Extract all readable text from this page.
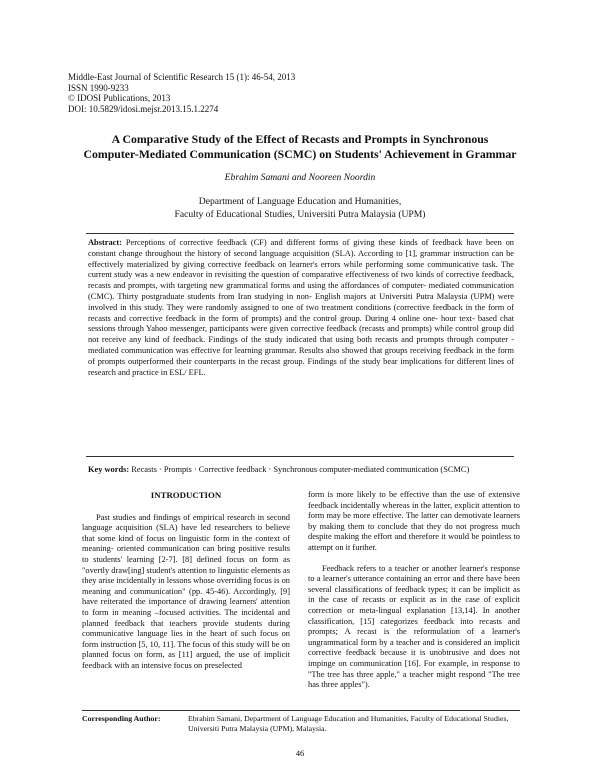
Middle-East Journal of Scientific Research 15 (1): 46-54, 2013
ISSN 1990-9233
© IDOSI Publications, 2013
DOI: 10.5829/idosi.mejsr.2013.15.1.2274
A Comparative Study of the Effect of Recasts and Prompts in Synchronous
Computer-Mediated Communication (SCMC) on Students' Achievement in Grammar
Ebrahim Samani and Nooreen Noordin
Department of Language Education and Humanities,
Faculty of Educational Studies, Universiti Putra Malaysia (UPM)
Abstract: Perceptions of corrective feedback (CF) and different forms of giving these kinds of feedback have been on constant change throughout the history of second language acquisition (SLA). According to [1], grammar instruction can be effectively materialized by giving corrective feedback on learner's errors while performing some communicative task. The current study was a new endeavor in revisiting the question of comparative effectiveness of two kinds of corrective feedback, recasts and prompts, with targeting new grammatical forms and using the affordances of computer- mediated communication (CMC). Thirty postgraduate students from Iran studying in non- English majors at Universiti Putra Malaysia (UPM) were involved in this study. They were randomly assigned to one of two treatment conditions (corrective feedback in the form of recasts and corrective feedback in the form of prompts) and the control group. During 4 online one- hour text- based chat sessions through Yahoo messenger, participants were given corrective feedback (recasts and prompts) while control group did not receive any kind of feedback. Findings of the study indicated that using both recasts and prompts through computer - mediated communication was effective for learning grammar. Results also showed that groups receiving feedback in the form of prompts outperformed their counterparts in the recast group. Findings of the study bear implications for different lines of research and practice in ESL/ EFL.
Key words: Recasts · Prompts · Corrective feedback · Synchronous computer-mediated communication (SCMC)
INTRODUCTION

Past studies and findings of empirical research in second language acquisition (SLA) have led researchers to believe that some kind of focus on linguistic form in the context of meaning- oriented communication can bring positive results to students' learning [2-7]. [8] defined focus on form as "overtly draw[ing] student's attention to linguistic elements as they arise incidentally in lessons whose overriding focus is on meaning and communication" (pp. 45-46). Accordingly, [9] have reiterated the importance of drawing learners' attention to form in meaning –focused activities. The incidental and planned feedback that teachers provide students during communicative language lies in the heart of such focus on form instruction [5, 10, 11]. The focus of this study will be on planned focus on form, as [11] argued, the use of implicit feedback with an intensive focus on preselected

form is more likely to be effective than the use of extensive feedback incidentally whereas in the latter, explicit attention to form may be more effective. The latter can demotivate learners by making them to conclude that they do not progress much despite making the effort and therefore it would be pointless to attempt on it further.

Feedback refers to a teacher or another learner's response to a learner's utterance containing an error and there have been several classifications of feedback types; it can be implicit as in the case of recasts or explicit as in the case of explicit correction or meta-lingual explanation [13,14]. In another classification, [15] categorizes feedback into recasts and prompts; A recast is the reformulation of a learner's ungrammatical form by a teacher and is considered an implicit corrective feedback because it is unobtrusive and does not impinge on communication [16]. For example, in response to "The tree has three apple," a teacher might respond "The tree has three apples").

Corresponding Author:	Ebrahim Samani, Department of Language Education and Humanities, Faculty of Educational Studies, Universiti Putra Malaysia (UPM), Malaysia.
46
